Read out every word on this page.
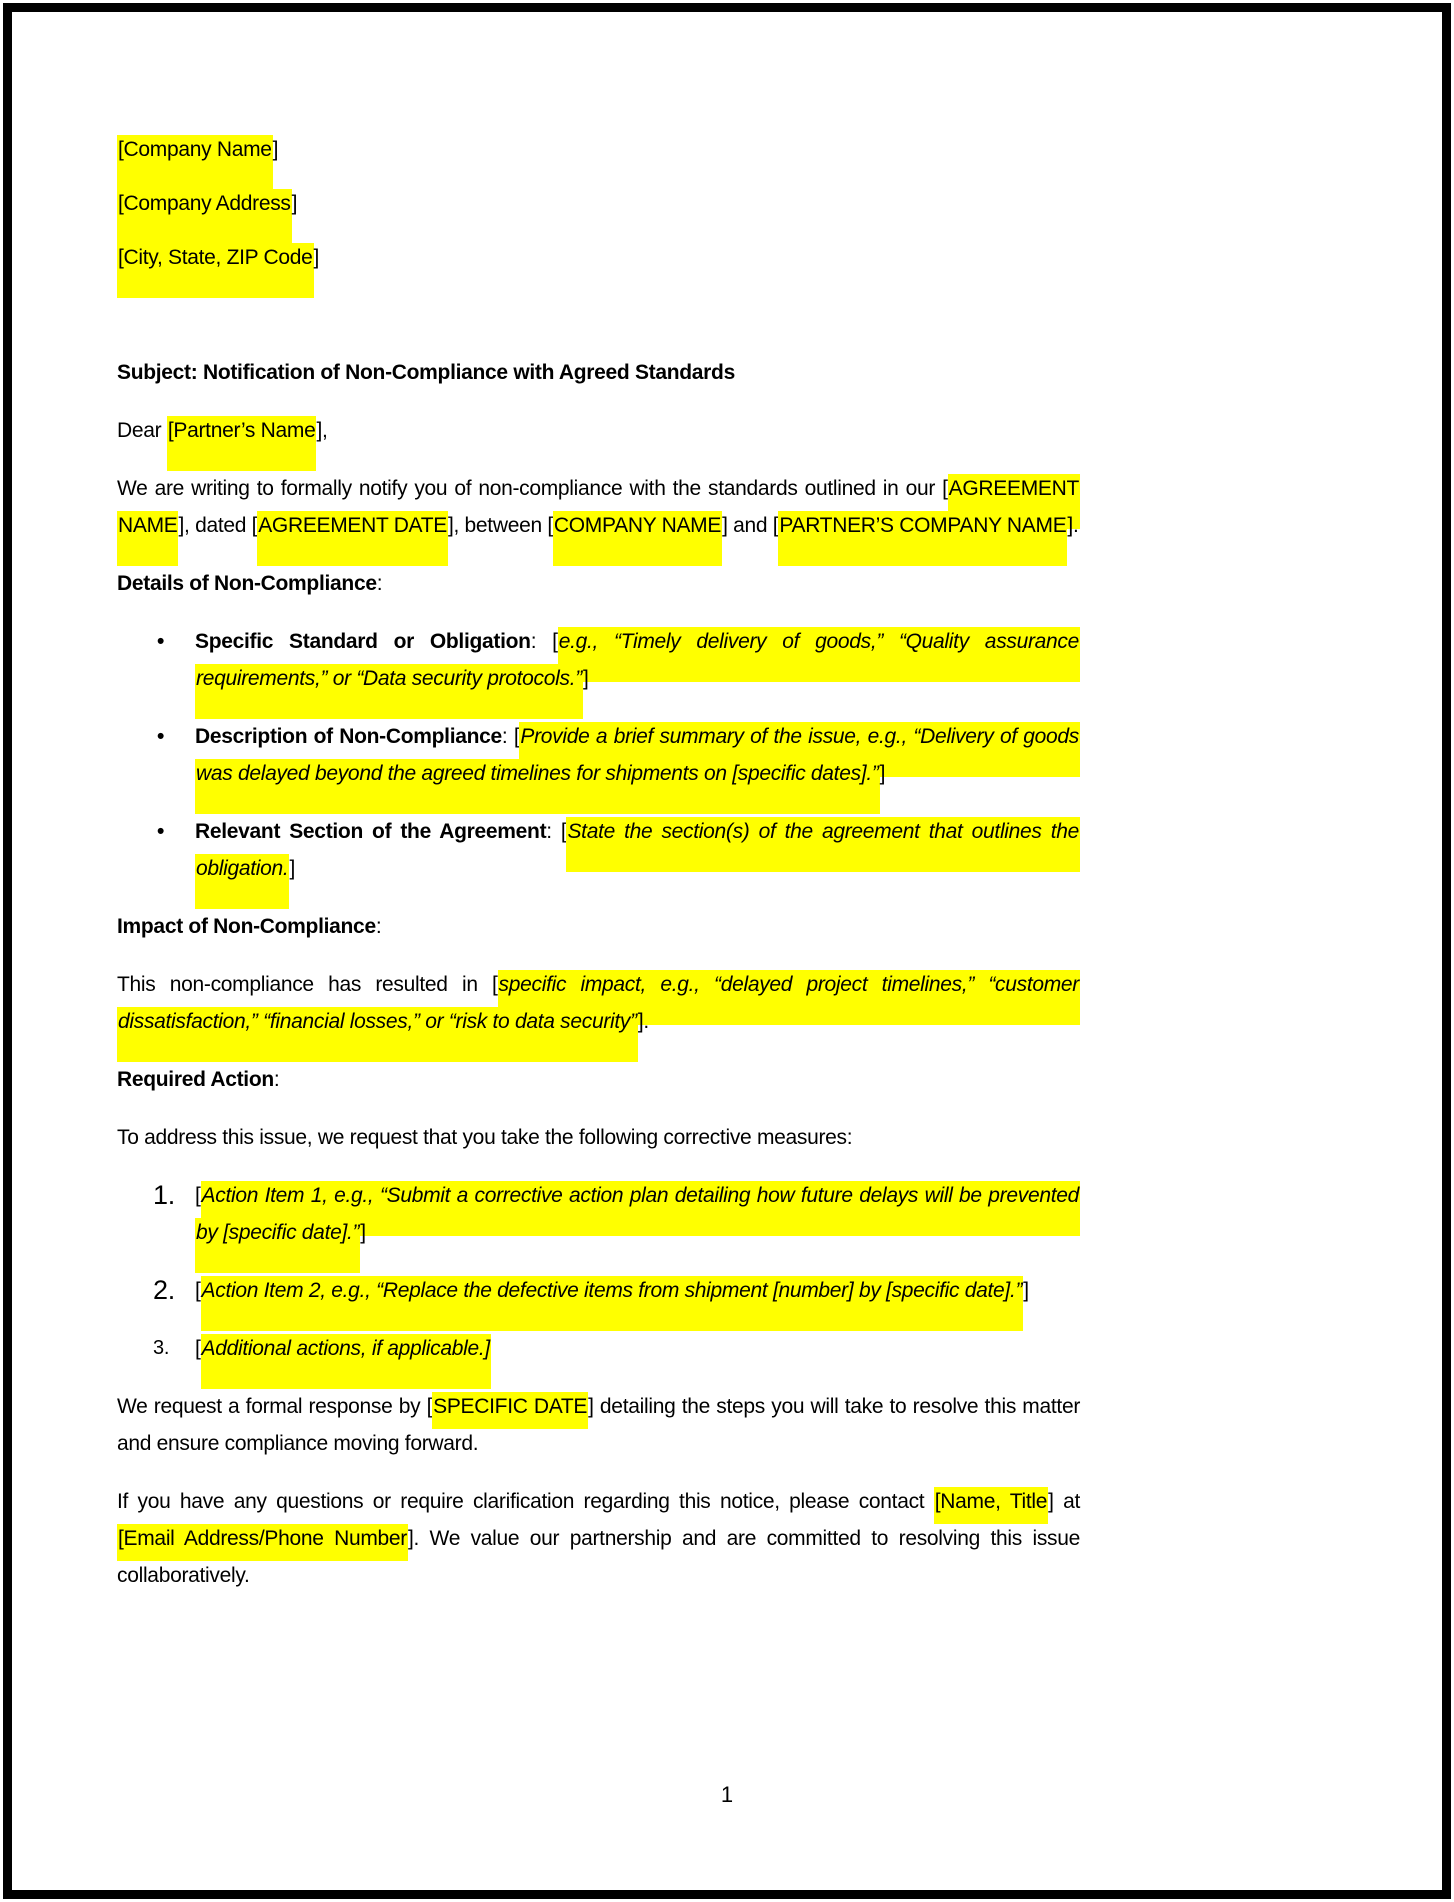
[Company Name]

[Company Address]

[City, State, ZIP Code]

Subject: Notification of Non-Compliance with Agreed Standards

Dear [Partner’s Name],

We are writing to formally notify you of non-compliance with the standards outlined in our [AGREEMENT NAME], dated [AGREEMENT DATE], between [COMPANY NAME] and [PARTNER’S COMPANY NAME].

Details of Non-Compliance:

• Specific Standard or Obligation: [e.g., “Timely delivery of goods,” “Quality assurance requirements,” or “Data security protocols.”]
• Description of Non-Compliance: [Provide a brief summary of the issue, e.g., “Delivery of goods was delayed beyond the agreed timelines for shipments on [specific dates].”]
• Relevant Section of the Agreement: [State the section(s) of the agreement that outlines the obligation.]

Impact of Non-Compliance:

This non-compliance has resulted in [specific impact, e.g., “delayed project timelines,” “customer dissatisfaction,” “financial losses,” or “risk to data security”].

Required Action:

To address this issue, we request that you take the following corrective measures:

1. [Action Item 1, e.g., “Submit a corrective action plan detailing how future delays will be prevented by [specific date].”]
2. [Action Item 2, e.g., “Replace the defective items from shipment [number] by [specific date].”]
3. [Additional actions, if applicable.]

We request a formal response by [SPECIFIC DATE] detailing the steps you will take to resolve this matter and ensure compliance moving forward.

If you have any questions or require clarification regarding this notice, please contact [Name, Title] at [Email Address/Phone Number]. We value our partnership and are committed to resolving this issue collaboratively.

1
